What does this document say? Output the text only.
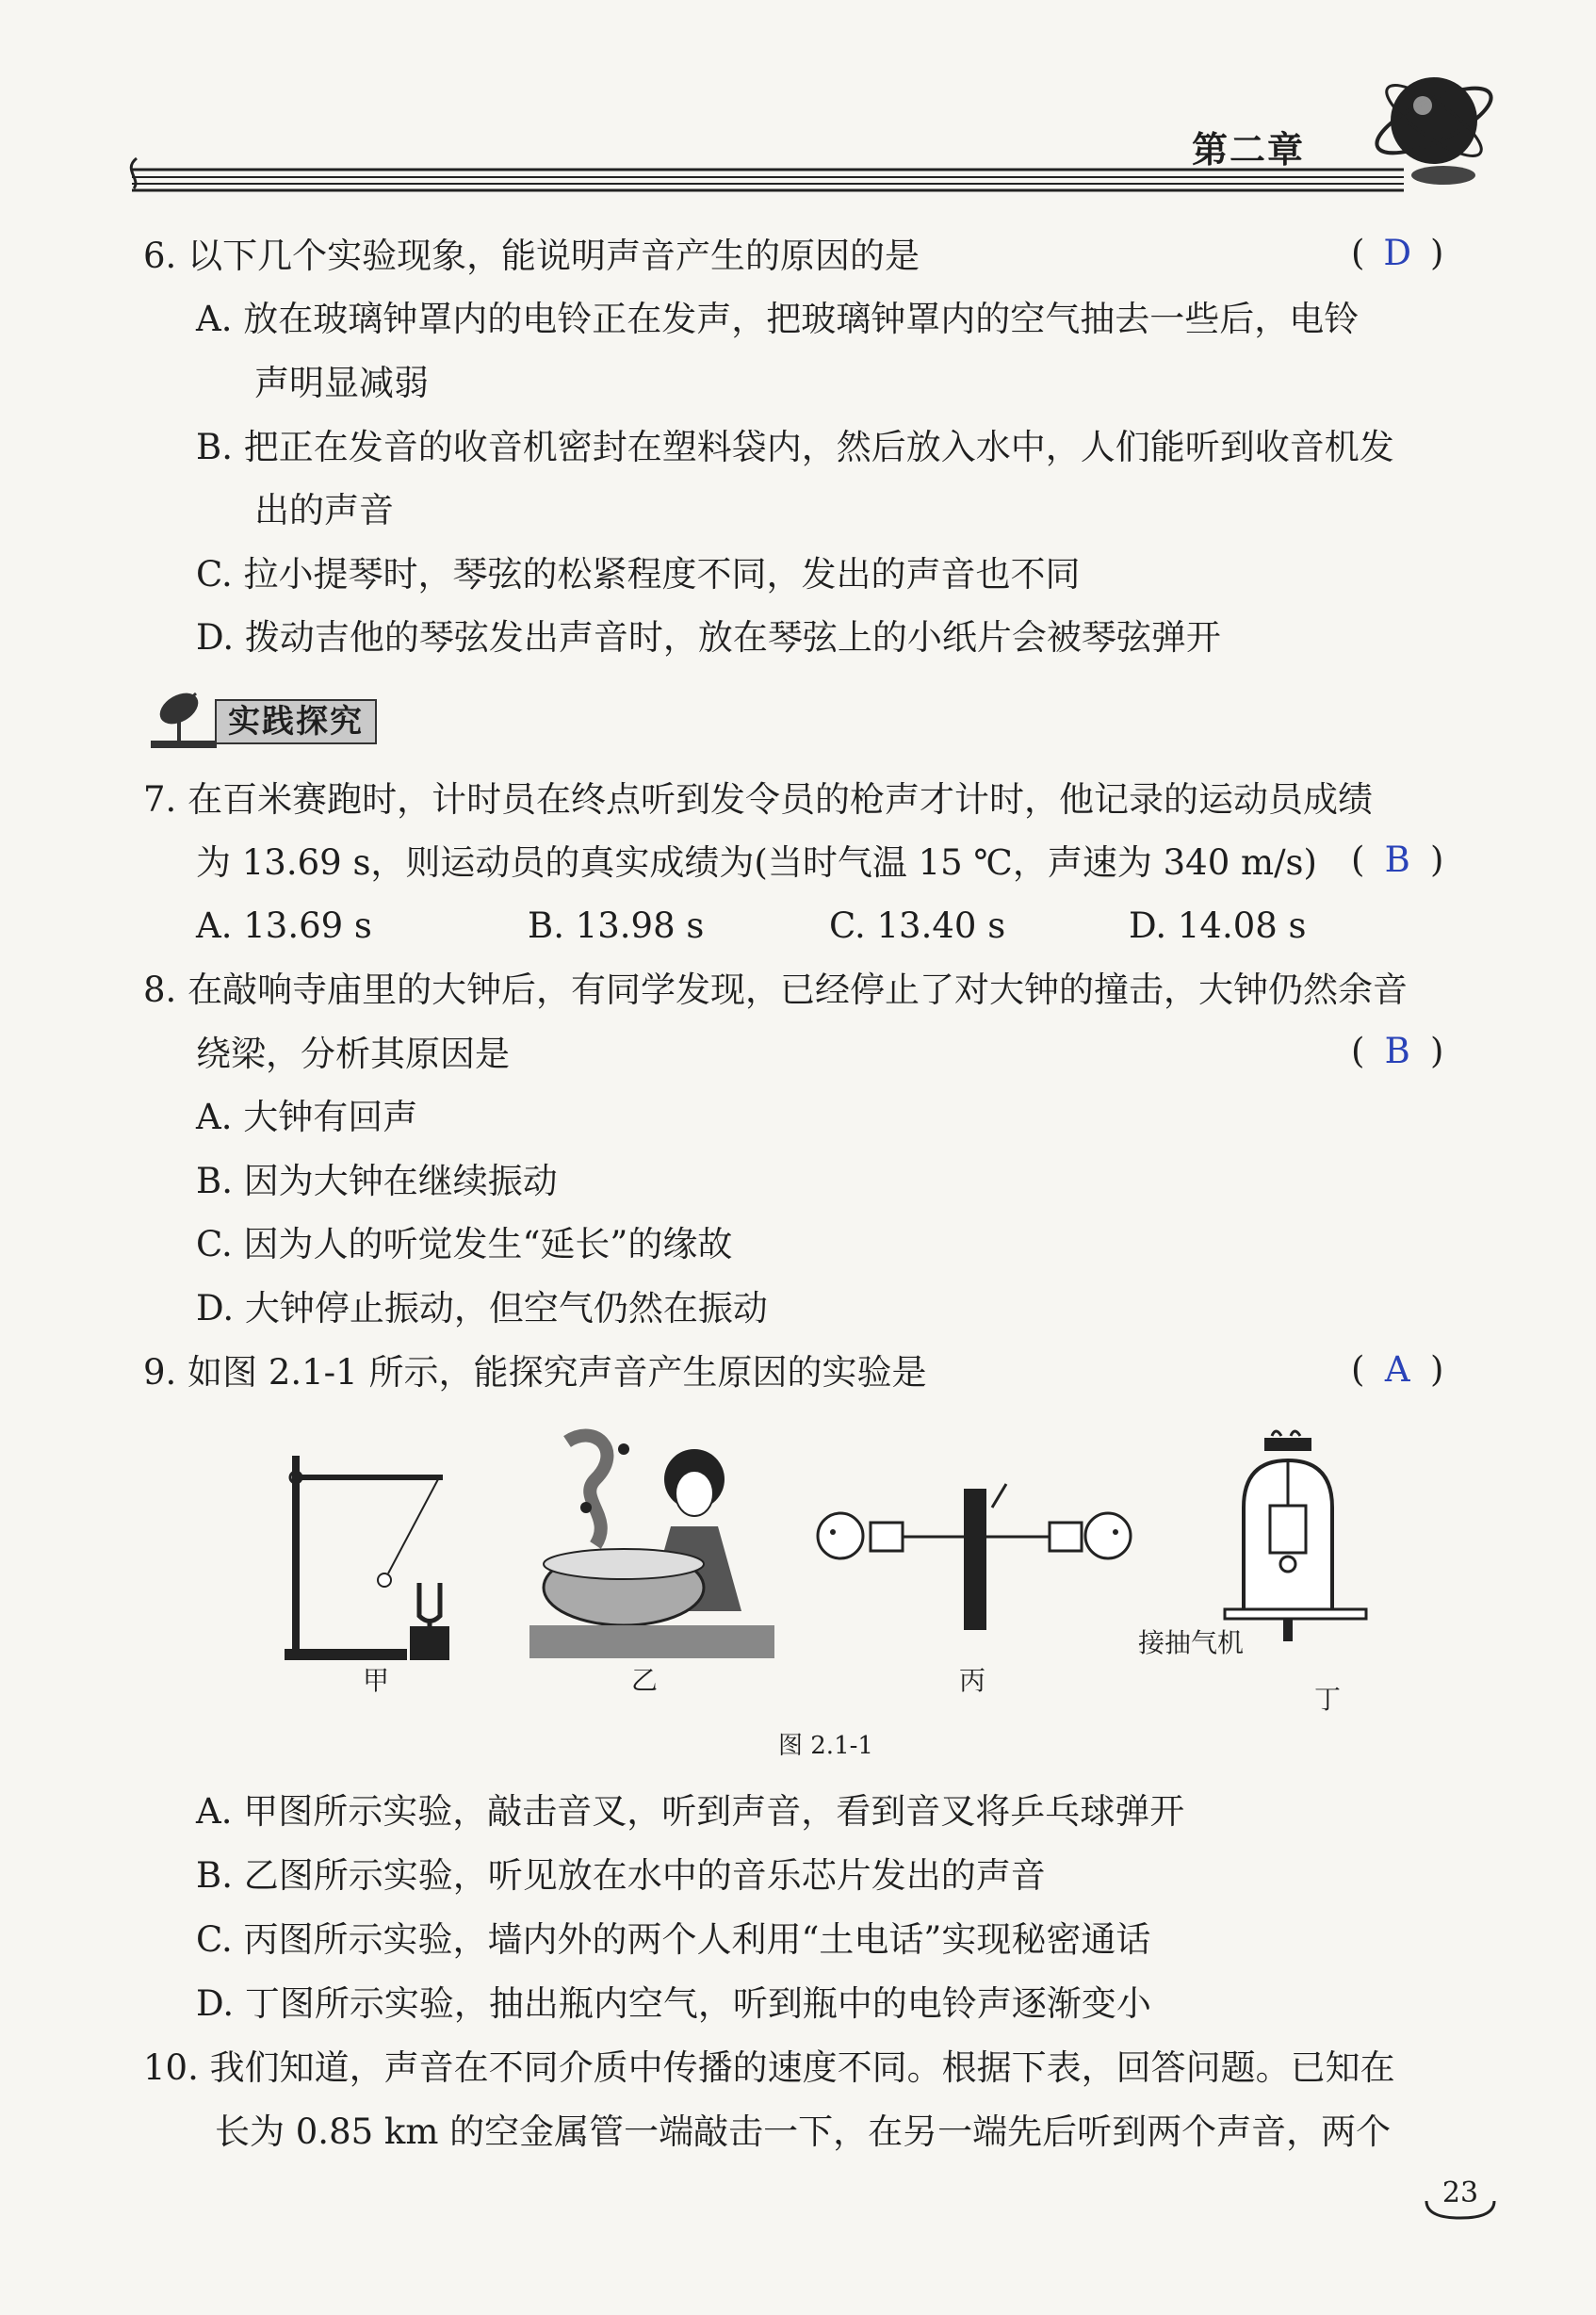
第二章
6. 以下几个实验现象，能说明声音产生的原因的是	( D )
A. 放在玻璃钟罩内的电铃正在发声，把玻璃钟罩内的空气抽去一些后，电铃
声明显减弱
B. 把正在发音的收音机密封在塑料袋内，然后放入水中，人们能听到收音机发
出的声音
C. 拉小提琴时，琴弦的松紧程度不同，发出的声音也不同
D. 拨动吉他的琴弦发出声音时，放在琴弦上的小纸片会被琴弦弹开
实践探究
7. 在百米赛跑时，计时员在终点听到发令员的枪声才计时，他记录的运动员成绩
为 13.69 s，则运动员的真实成绩为(当时气温 15 ℃，声速为 340 m/s) ( B )
A. 13.69 s	B. 13.98 s	C. 13.40 s	D. 14.08 s
8. 在敲响寺庙里的大钟后，有同学发现，已经停止了对大钟的撞击，大钟仍然余音
绕梁，分析其原因是	( B )
A. 大钟有回声
B. 因为大钟在继续振动
C. 因为人的听觉发生“延长”的缘故
D. 大钟停止振动，但空气仍然在振动
9. 如图 2.1-1 所示，能探究声音产生原因的实验是	( A )
甲	乙	丙
接抽气机
丁
图 2.1-1
A. 甲图所示实验，敲击音叉，听到声音，看到音叉将乒乓球弹开
B. 乙图所示实验，听见放在水中的音乐芯片发出的声音
C. 丙图所示实验，墙内外的两个人利用“土电话”实现秘密通话
D. 丁图所示实验，抽出瓶内空气，听到瓶中的电铃声逐渐变小
10. 我们知道，声音在不同介质中传播的速度不同。根据下表，回答问题。已知在
长为 0.85 km 的空金属管一端敲击一下，在另一端先后听到两个声音，两个
23
